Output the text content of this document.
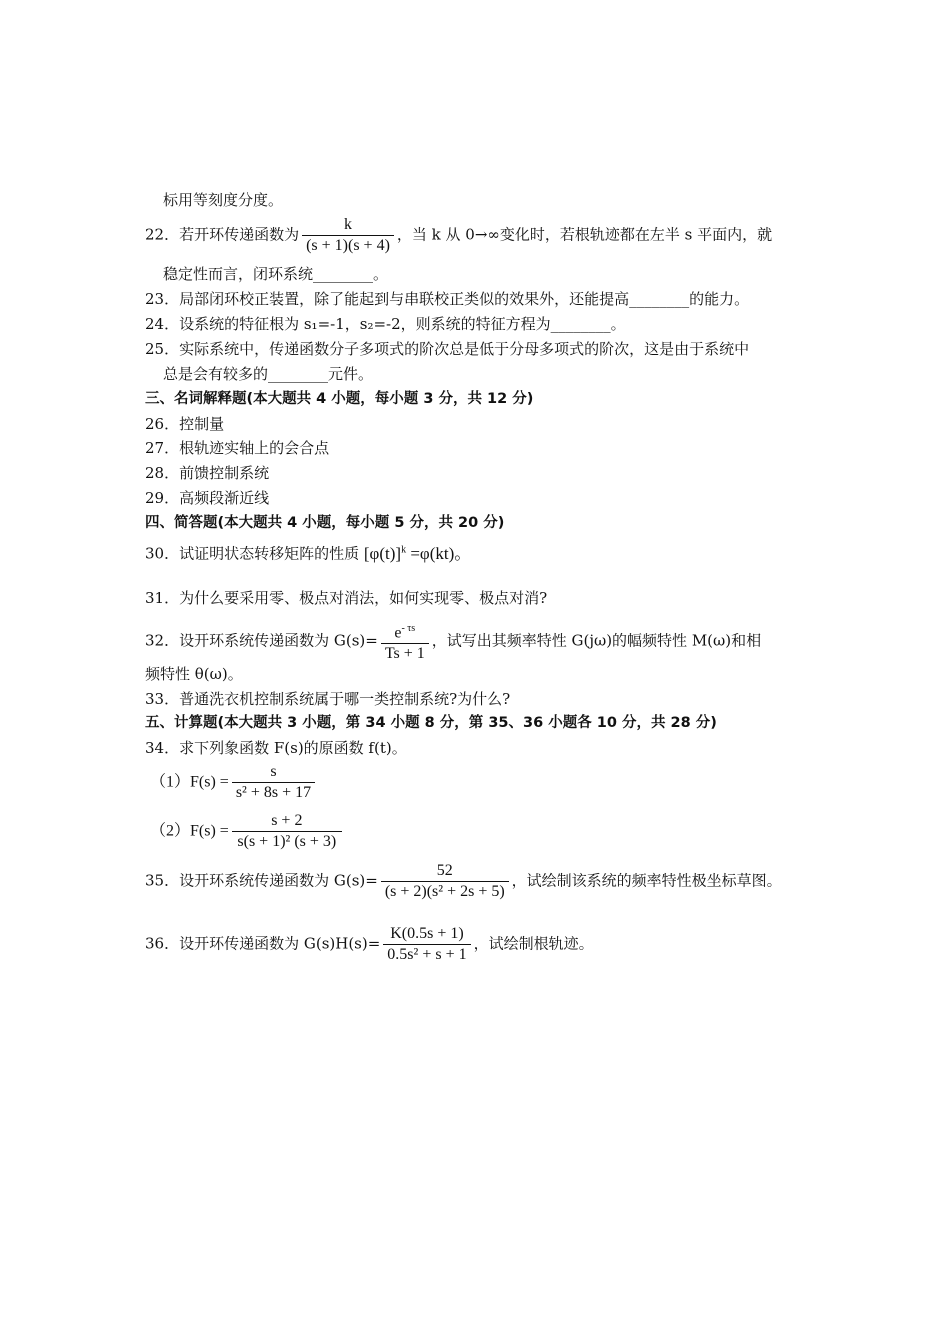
标用等刻度分度。
22．若开环传递函数为 $\frac{k}{(s + 1)(s + 4)}$ ，当 k 从 0→∞变化时，若根轨迹都在左半 s 平面内，就
稳定性而言，闭环系统________。
23．局部闭环校正装置，除了能起到与串联校正类似的效果外，还能提高________的能力。
24．设系统的特征根为 s₁=-1，s₂=-2，则系统的特征方程为________。
25．实际系统中，传递函数分子多项式的阶次总是低于分母多项式的阶次，这是由于系统中
总是会有较多的________元件。
三、名词解释题(本大题共 4 小题，每小题 3 分，共 12 分)
26．控制量
27．根轨迹实轴上的会合点
28．前馈控制系统
29．高频段渐近线
四、简答题(本大题共 4 小题，每小题 5 分，共 20 分)
30．试证明状态转移矩阵的性质 $[\varphi(t)]^k =\varphi(kt)$。
31．为什么要采用零、极点对消法，如何实现零、极点对消?
32．设开环系统传递函数为 $G(s)= \frac{e^{- \tau s}}{Ts + 1}$ ，试写出其频率特性 G(jω)的幅频特性 M(ω)和相
频特性 θ(ω)。
33．普通洗衣机控制系统属于哪一类控制系统?为什么?
五、计算题(本大题共 3 小题，第 34 小题 8 分，第 35、36 小题各 10 分，共 28 分)
34．求下列象函数 F(s)的原函数 f(t)。
$(1)F(s) = \frac{s}{\text{s² + 8s + 17}}$
$(2)F(s) = \frac{s + 2}{\text{s(s + 1)² (s + 3)}}$
35．设开环系统传递函数为 $G(s)= \frac{52}{\text{(s + 2)(s² + 2s + 5)}}$ ，试绘制该系统的频率特性极坐标草图。
36．设开环传递函数为 $G(s)H(s)= \frac{K(0.5s + 1)}{\text{0.5s² + s + 1}}$ ，试绘制根轨迹。
